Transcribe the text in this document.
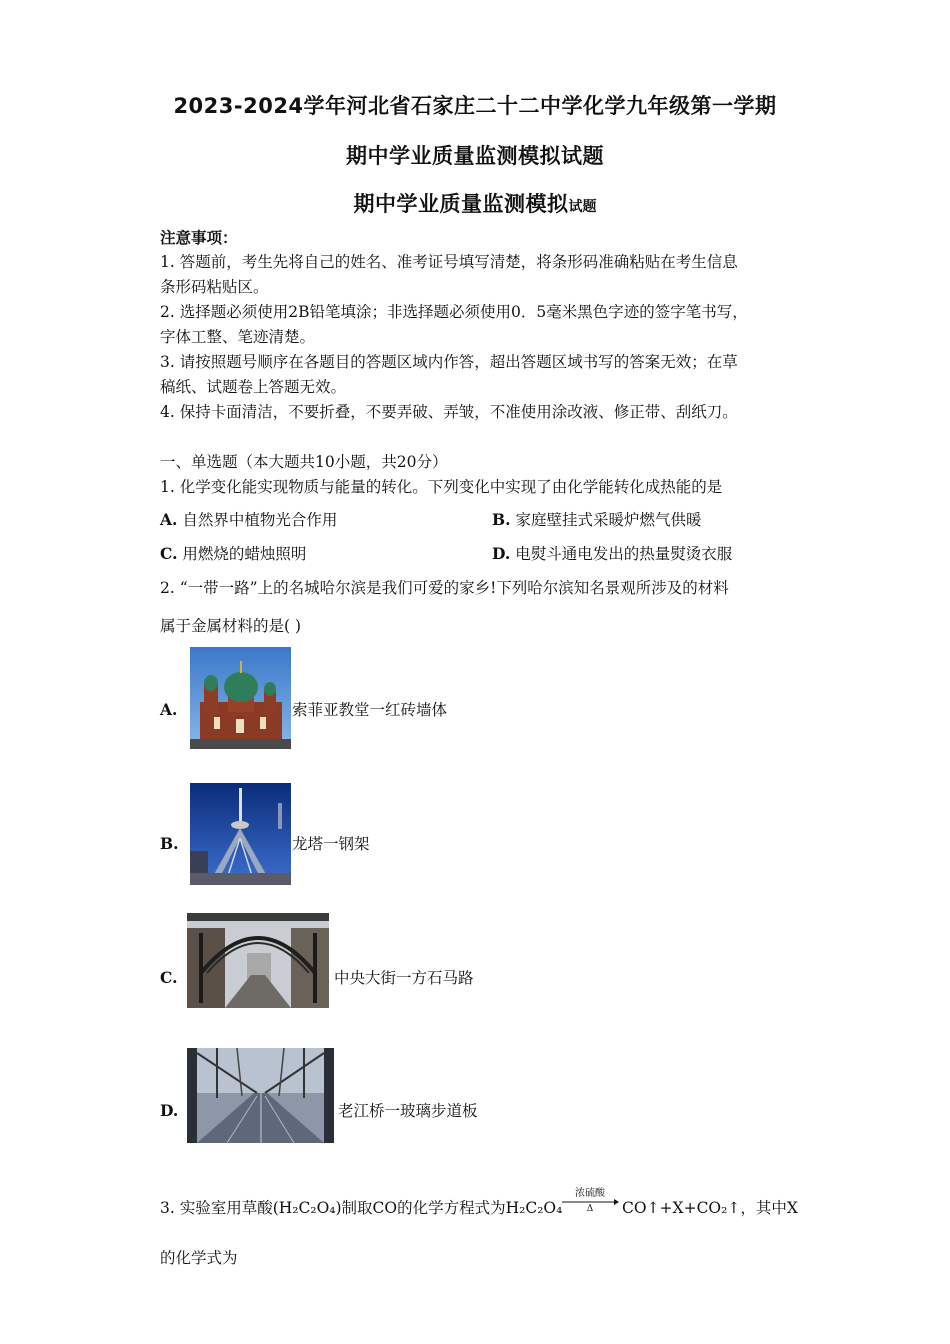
2023-2024学年河北省石家庄二十二中学化学九年级第一学期
期中学业质量监测模拟试题
期中学业质量监测模拟试题
注意事项：
1. 答题前，考生先将自己的姓名、准考证号填写清楚，将条形码准确粘贴在考生信息
条形码粘贴区。
2. 选择题必须使用2B铅笔填涂；非选择题必须使用0．5毫米黑色字迹的签字笔书写，
字体工整、笔迹清楚。
3. 请按照题号顺序在各题目的答题区域内作答，超出答题区域书写的答案无效；在草
稿纸、试题卷上答题无效。
4. 保持卡面清洁，不要折叠，不要弄破、弄皱，不准使用涂改液、修正带、刮纸刀。
一、单选题（本大题共10小题，共20分）
1. 化学变化能实现物质与能量的转化。下列变化中实现了由化学能转化成热能的是
A. 自然界中植物光合作用	B. 家庭壁挂式采暖炉燃气供暖
C. 用燃烧的蜡烛照明	D. 电熨斗通电发出的热量熨烫衣服
2. “一带一路”上的名城哈尔滨是我们可爱的家乡!下列哈尔滨知名景观所涉及的材料
属于金属材料的是( )
A.	索菲亚教堂一红砖墙体
B.	龙塔一钢架
C.	中央大街一方石马路
D.	老江桥一玻璃步道板
3. 实验室用草酸(H₂C₂O₄)制取CO的化学方程式为H₂C₂O₄
浓硫酸
Δ	CO↑+X+CO₂↑，其中X
的化学式为
